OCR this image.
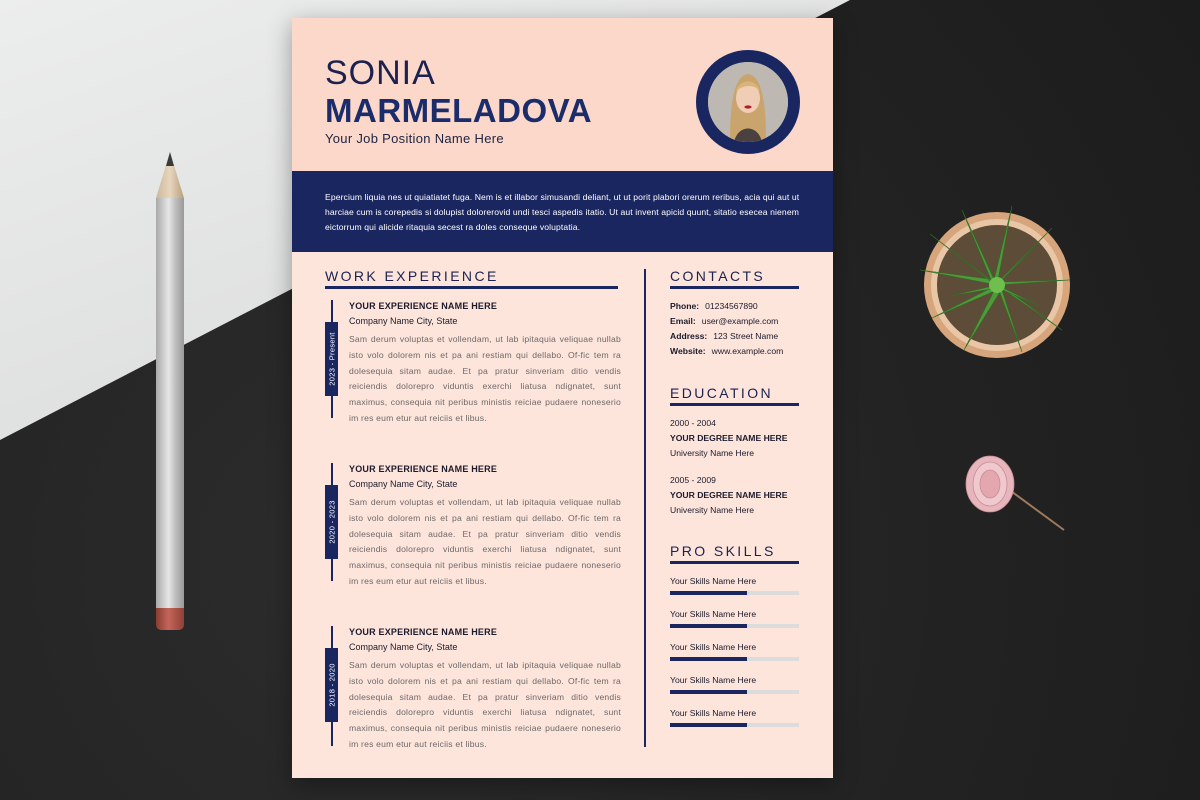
SONIA
MARMELADOVA
Your Job Position Name Here

Epercium liquia nes ut quiatiatet fuga. Nem is et illabor simusandi deliant, ut ut porit plabori orerum reribus, acia qui aut ut harciae cum is corepedis si dolupist dolorerovid undi tesci aspedis itatio. Ut aut invent apicid quunt, sitatio esecea nienem eictorrum qui alicide ritaquia secest ra doles conseque voluptatia.

WORK EXPERIENCE
2023 - Present
YOUR EXPERIENCE NAME HERE
Company Name City, State
Sam derum voluptas et vollendam, ut lab ipitaquia veliquae nullab isto volo dolorem nis et pa ani restiam qui dellabo. Of-fic tem ra dolesequia sitam audae. Et pa pratur sinveriam ditio vendis reiciendis dolorepro viduntis exerchi liatusa ndignatet, sunt maximus, consequia nit peribus ministis reiciae pudaere noneserio im res eum etur aut reiciis et libus.
2020 - 2023
YOUR EXPERIENCE NAME HERE
Company Name City, State
Sam derum voluptas et vollendam, ut lab ipitaquia veliquae nullab isto volo dolorem nis et pa ani restiam qui dellabo. Of-fic tem ra dolesequia sitam audae. Et pa pratur sinveriam ditio vendis reiciendis dolorepro viduntis exerchi liatusa ndignatet, sunt maximus, consequia nit peribus ministis reiciae pudaere noneserio im res eum etur aut reiciis et libus.
2018 - 2020
YOUR EXPERIENCE NAME HERE
Company Name City, State
Sam derum voluptas et vollendam, ut lab ipitaquia veliquae nullab isto volo dolorem nis et pa ani restiam qui dellabo. Of-fic tem ra dolesequia sitam audae. Et pa pratur sinveriam ditio vendis reiciendis dolorepro viduntis exerchi liatusa ndignatet, sunt maximus, consequia nit peribus ministis reiciae pudaere noneserio im res eum etur aut reiciis et libus.
CONTACTS
Phone: 01234567890
Email: user@example.com
Address: 123 Street Name
Website: www.example.com
EDUCATION
2000 - 2004
YOUR DEGREE NAME HERE
University Name Here
2005 - 2009
YOUR DEGREE NAME HERE
University Name Here
PRO SKILLS
Your Skills Name Here
Your Skills Name Here
Your Skills Name Here
Your Skills Name Here
Your Skills Name Here
